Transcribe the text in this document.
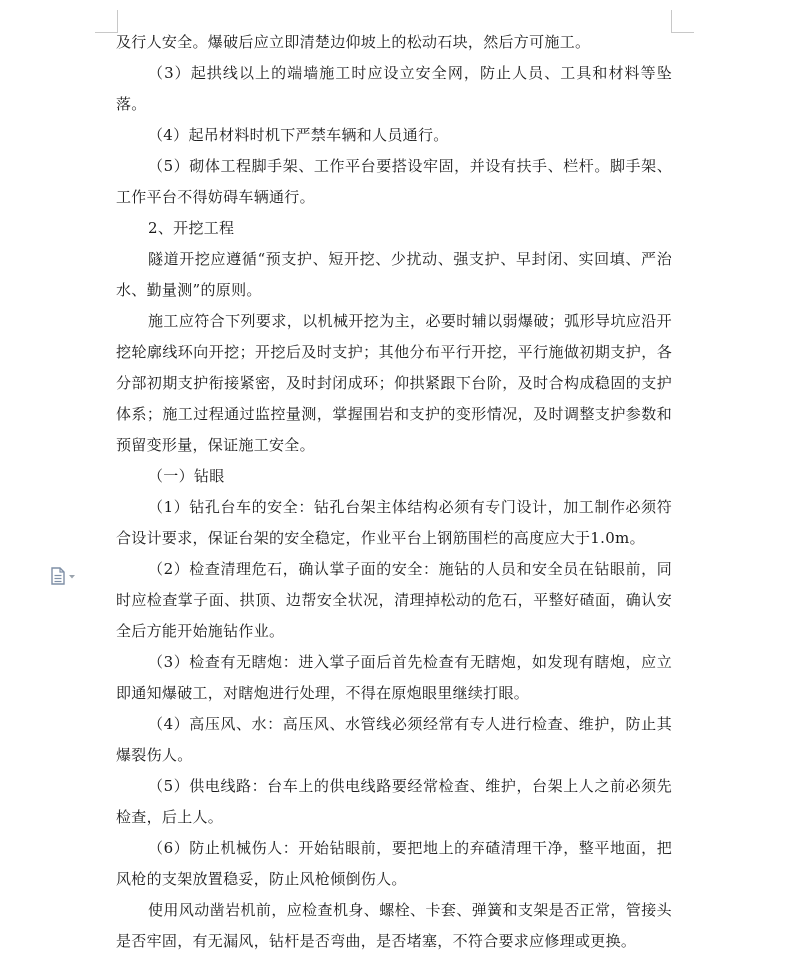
及行人安全。爆破后应立即清楚边仰坡上的松动石块，然后方可施工。

（3）起拱线以上的端墙施工时应设立安全网，防止人员、工具和材料等坠落。

（4）起吊材料时机下严禁车辆和人员通行。

（5）砌体工程脚手架、工作平台要搭设牢固，并设有扶手、栏杆。脚手架、工作平台不得妨碍车辆通行。

2、开挖工程

隧道开挖应遵循“预支护、短开挖、少扰动、强支护、早封闭、实回填、严治水、勤量测”的原则。

施工应符合下列要求，以机械开挖为主，必要时辅以弱爆破；弧形导坑应沿开挖轮廓线环向开挖；开挖后及时支护；其他分布平行开挖，平行施做初期支护，各分部初期支护衔接紧密，及时封闭成环；仰拱紧跟下台阶，及时合构成稳固的支护体系；施工过程通过监控量测，掌握围岩和支护的变形情况，及时调整支护参数和预留变形量，保证施工安全。

（一）钻眼

（1）钻孔台车的安全：钻孔台架主体结构必须有专门设计，加工制作必须符合设计要求，保证台架的安全稳定，作业平台上钢筋围栏的高度应大于1.0m。

（2）检查清理危石，确认掌子面的安全：施钻的人员和安全员在钻眼前，同时应检查掌子面、拱顶、边帮安全状况，清理掉松动的危石，平整好碴面，确认安全后方能开始施钻作业。

（3）检查有无瞎炮：进入掌子面后首先检查有无瞎炮，如发现有瞎炮，应立即通知爆破工，对瞎炮进行处理，不得在原炮眼里继续打眼。

（4）高压风、水：高压风、水管线必须经常有专人进行检查、维护，防止其爆裂伤人。

（5）供电线路：台车上的供电线路要经常检查、维护，台架上人之前必须先检查，后上人。

（6）防止机械伤人：开始钻眼前，要把地上的弃碴清理干净，整平地面，把风枪的支架放置稳妥，防止风枪倾倒伤人。

使用风动凿岩机前，应检查机身、螺栓、卡套、弹簧和支架是否正常，管接头是否牢固，有无漏风，钻杆是否弯曲，是否堵塞，不符合要求应修理或更换。
